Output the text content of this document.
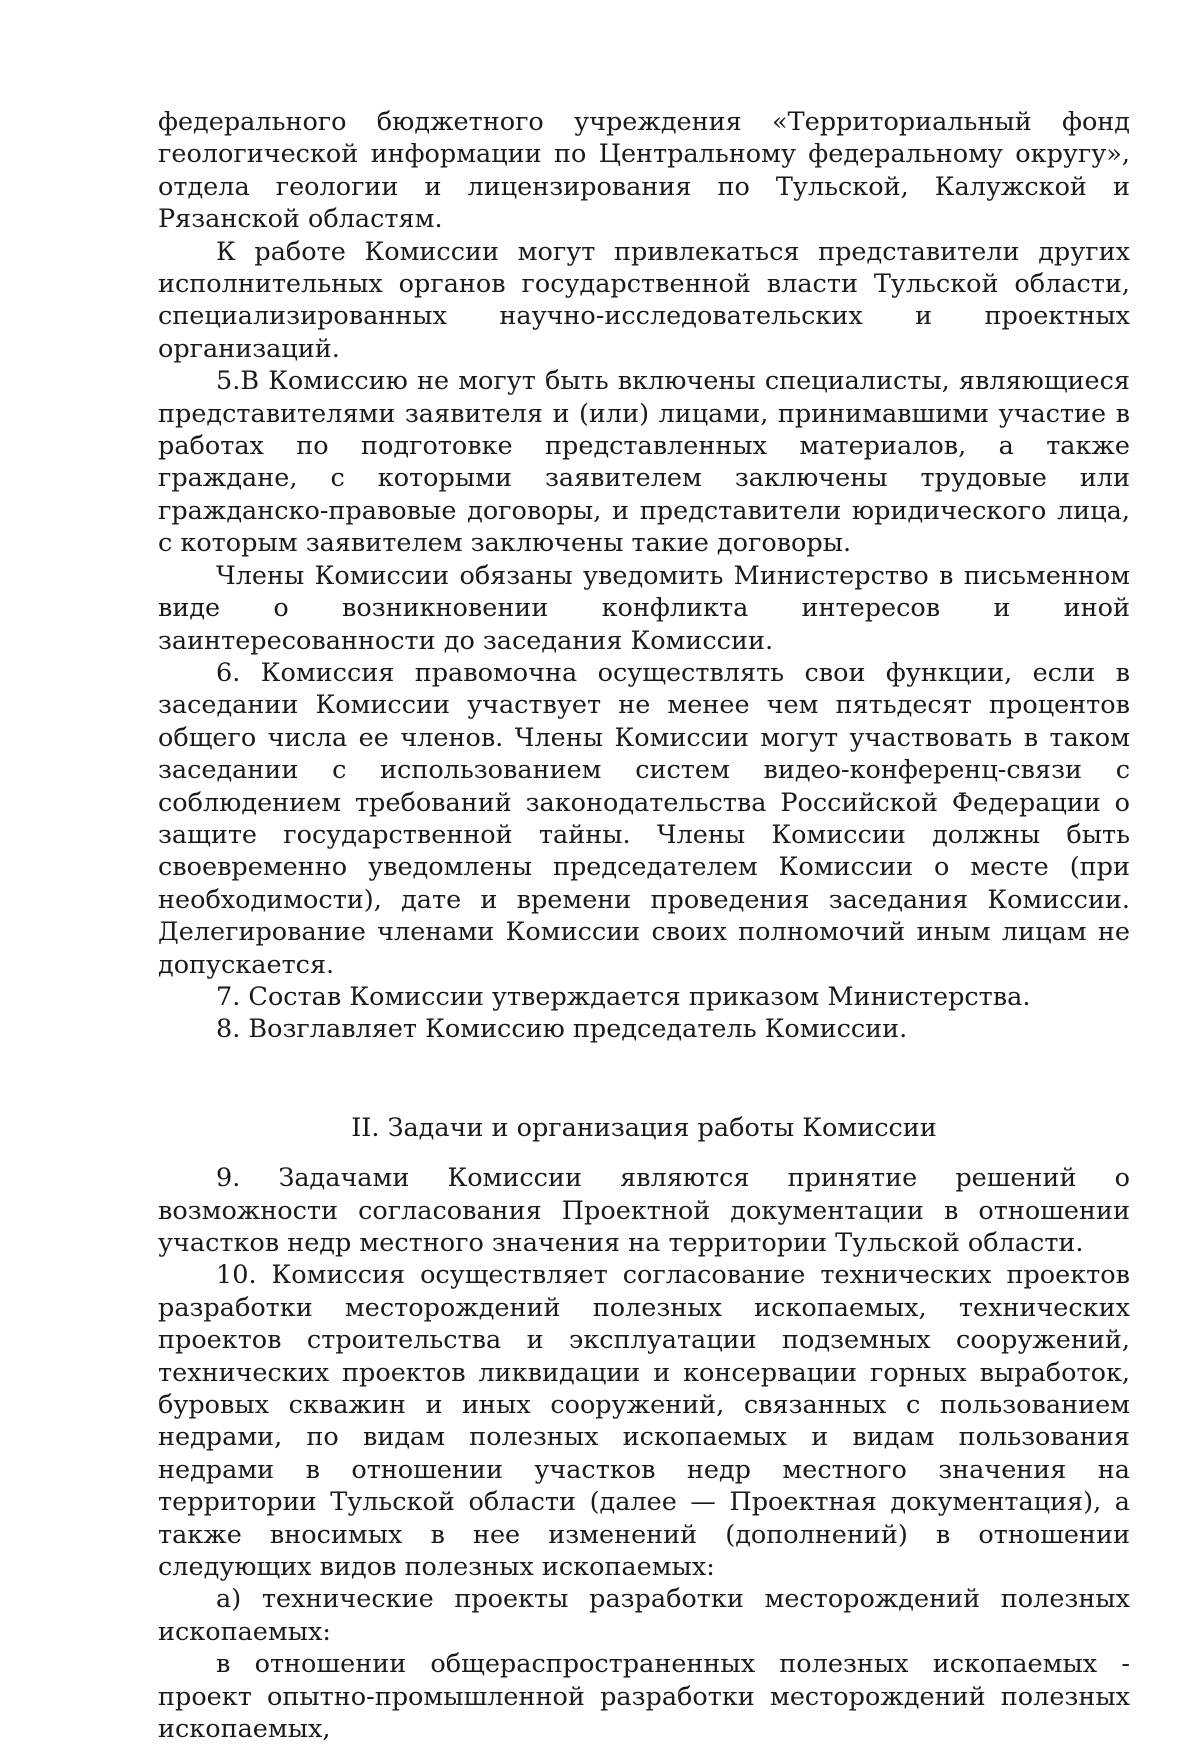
федерального бюджетного учреждения «Территориальный фонд геологической информации по Центральному федеральному округу», отдела геологии и лицензирования по Тульской, Калужской и Рязанской областям.

К работе Комиссии могут привлекаться представители других исполнительных органов государственной власти Тульской области, специализированных научно-исследовательских и проектных организаций.

5.В Комиссию не могут быть включены специалисты, являющиеся представителями заявителя и (или) лицами, принимавшими участие в работах по подготовке представленных материалов, а также граждане, с которыми заявителем заключены трудовые или гражданско-правовые договоры, и представители юридического лица, с которым заявителем заключены такие договоры.

Члены Комиссии обязаны уведомить Министерство в письменном виде о возникновении конфликта интересов и иной заинтересованности до заседания Комиссии.

6. Комиссия правомочна осуществлять свои функции, если в заседании Комиссии участвует не менее чем пятьдесят процентов общего числа ее членов. Члены Комиссии могут участвовать в таком заседании с использованием систем видео-конференц-связи с соблюдением требований законодательства Российской Федерации о защите государственной тайны. Члены Комиссии должны быть своевременно уведомлены председателем Комиссии о месте (при необходимости), дате и времени проведения заседания Комиссии. Делегирование членами Комиссии своих полномочий иным лицам не допускается.

7. Состав Комиссии утверждается приказом Министерства.

8. Возглавляет Комиссию председатель Комиссии.

II. Задачи и организация работы Комиссии

9. Задачами Комиссии являются принятие решений о возможности согласования Проектной документации в отношении участков недр местного значения на территории Тульской области.

10. Комиссия осуществляет согласование технических проектов разработки месторождений полезных ископаемых, технических проектов строительства и эксплуатации подземных сооружений, технических проектов ликвидации и консервации горных выработок, буровых скважин и иных сооружений, связанных с пользованием недрами, по видам полезных ископаемых и видам пользования недрами в отношении участков недр местного значения на территории Тульской области (далее — Проектная документация), а также вносимых в нее изменений (дополнений) в отношении следующих видов полезных ископаемых:

а) технические проекты разработки месторождений полезных ископаемых:

в отношении общераспространенных полезных ископаемых - проект опытно-промышленной разработки месторождений полезных ископаемых,
